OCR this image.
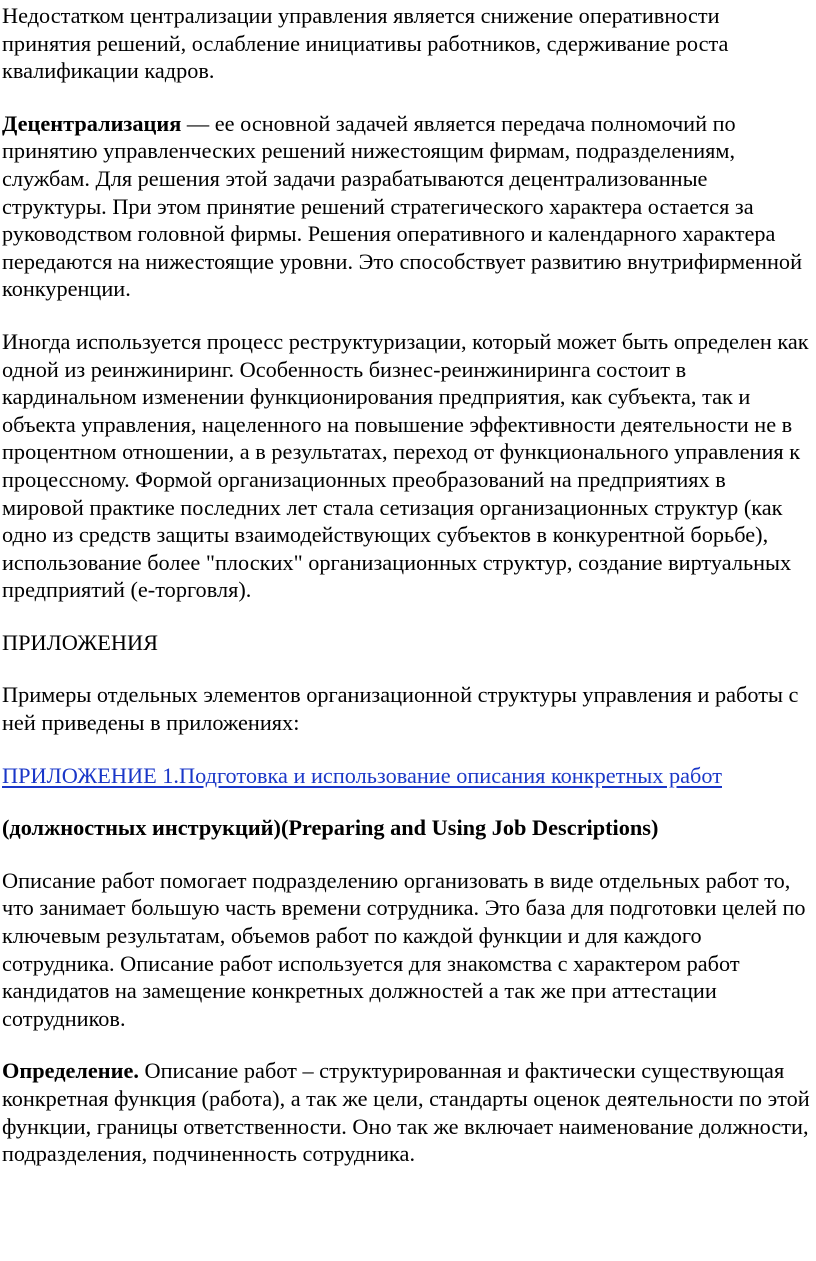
Недостатком централизации управления является снижение оперативности принятия решений, ослабление инициативы работников, сдерживание роста квалификации кадров.

Децентрализация — ее основной задачей является передача полномочий по принятию управленческих решений нижестоящим фирмам, подразделениям, службам. Для решения этой задачи разрабатываются децентрализованные структуры. При этом принятие решений стратегического характера остается за руководством головной фирмы. Решения оперативного и календарного характера передаются на нижестоящие уровни. Это способствует развитию внутрифирменной конкуренции.

Иногда используется процесс реструктуризации, который может быть определен как одной из реинжиниринг. Особенность бизнес-реинжиниринга состоит в кардинальном изменении функционирования предприятия, как субъекта, так и объекта управления, нацеленного на повышение эффективности деятельности не в процентном отношении, а в результатах, переход от функционального управления к процессному. Формой организационных преобразований на предприятиях в мировой практике последних лет стала сетизация организационных структур (как одно из средств защиты взаимодействующих субъектов в конкурентной борьбе), использование более "плоских" организационных структур, создание виртуальных предприятий (е-торговля).

ПРИЛОЖЕНИЯ

Примеры отдельных элементов организационной структуры управления и работы с ней приведены в приложениях:

ПРИЛОЖЕНИЕ 1.Подготовка и использование описания конкретных работ

(должностных инструкций)(Preparing and Using Job Descriptions)

Описание работ помогает подразделению организовать в виде отдельных работ то, что занимает большую часть времени сотрудника. Это база для подготовки целей по ключевым результатам, объемов работ по каждой функции и для каждого сотрудника. Описание работ используется для знакомства с характером работ кандидатов на замещение конкретных должностей а так же при аттестации сотрудников.

Определение. Описание работ – структурированная и фактически существующая конкретная функция (работа), а так же цели, стандарты оценок деятельности по этой функции, границы ответственности. Оно так же включает наименование должности, подразделения, подчиненность сотрудника.
